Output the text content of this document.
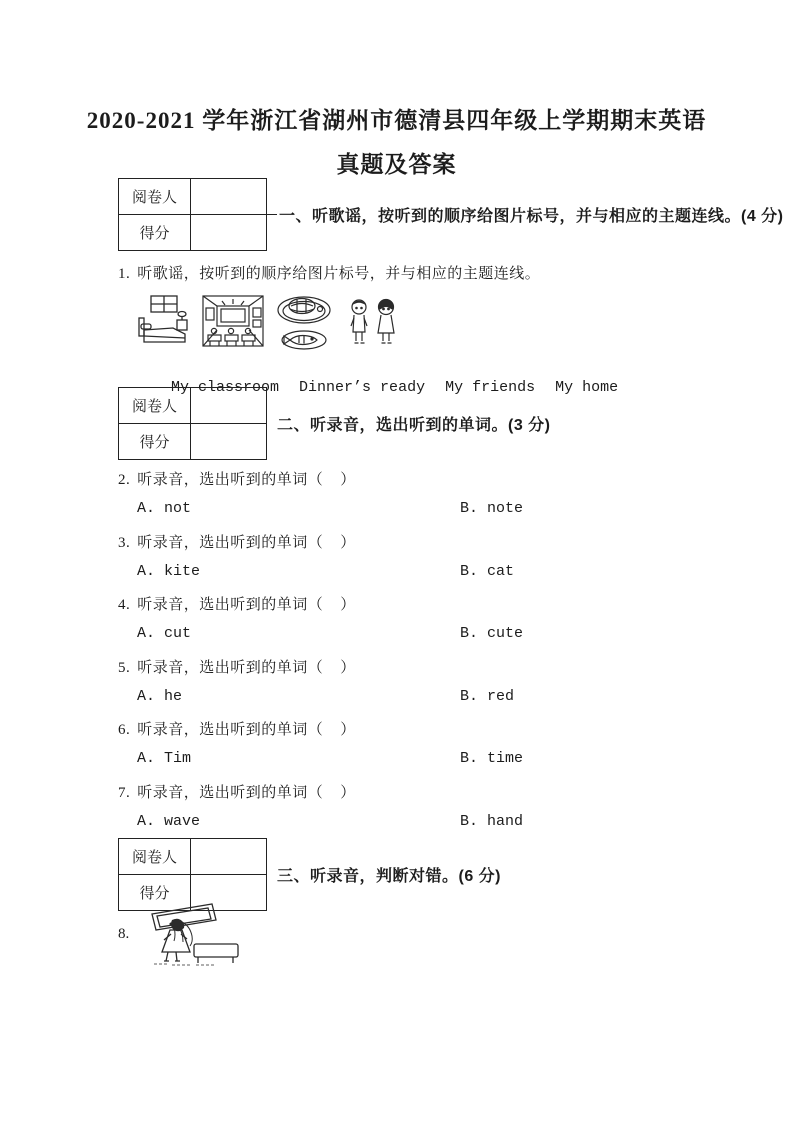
2020-2021 学年浙江省湖州市德清县四年级上学期期末英语
真题及答案
阅卷人
得分
一、听歌谣，按听到的顺序给图片标号，并与相应的主题连线。(4 分)
1. 听歌谣，按听到的顺序给图片标号，并与相应的主题连线。

My classroom Dinner’s ready My friends My home

阅卷人
得分
二、听录音，选出听到的单词。(3 分)
2. 听录音，选出听到的单词（    ）
A. not	B. note
3. 听录音，选出听到的单词（    ）
A. kite	B. cat
4. 听录音，选出听到的单词（    ）
A. cut	B. cute
5. 听录音，选出听到的单词（    ）
A. he	B. red
6. 听录音，选出听到的单词（    ）
A. Tim	B. time
7. 听录音，选出听到的单词（    ）
A. wave	B. hand
阅卷人
得分
三、听录音，判断对错。(6 分)
8.
